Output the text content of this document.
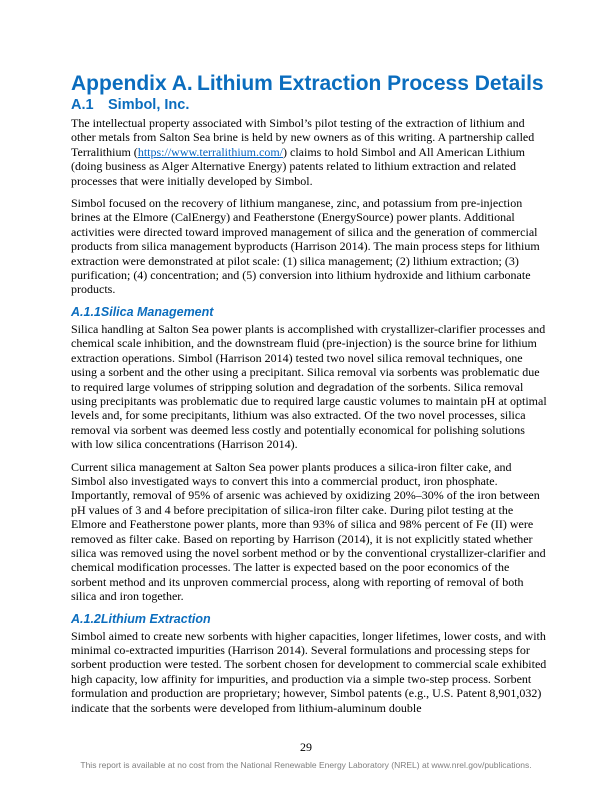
Appendix A. Lithium Extraction Process Details
A.1 Simbol, Inc.

The intellectual property associated with Simbol’s pilot testing of the extraction of lithium and other metals from Salton Sea brine is held by new owners as of this writing. A partnership called Terralithium (https://www.terralithium.com/) claims to hold Simbol and All American Lithium (doing business as Alger Alternative Energy) patents related to lithium extraction and related processes that were initially developed by Simbol.

Simbol focused on the recovery of lithium manganese, zinc, and potassium from pre-injection brines at the Elmore (CalEnergy) and Featherstone (EnergySource) power plants. Additional activities were directed toward improved management of silica and the generation of commercial products from silica management byproducts (Harrison 2014). The main process steps for lithium extraction were demonstrated at pilot scale: (1) silica management; (2) lithium extraction; (3) purification; (4) concentration; and (5) conversion into lithium hydroxide and lithium carbonate products.

A.1.1Silica Management

Silica handling at Salton Sea power plants is accomplished with crystallizer-clarifier processes and chemical scale inhibition, and the downstream fluid (pre-injection) is the source brine for lithium extraction operations. Simbol (Harrison 2014) tested two novel silica removal techniques, one using a sorbent and the other using a precipitant. Silica removal via sorbents was problematic due to required large volumes of stripping solution and degradation of the sorbents. Silica removal using precipitants was problematic due to required large caustic volumes to maintain pH at optimal levels and, for some precipitants, lithium was also extracted. Of the two novel processes, silica removal via sorbent was deemed less costly and potentially economical for polishing solutions with low silica concentrations (Harrison 2014).

Current silica management at Salton Sea power plants produces a silica-iron filter cake, and Simbol also investigated ways to convert this into a commercial product, iron phosphate. Importantly, removal of 95% of arsenic was achieved by oxidizing 20%–30% of the iron between pH values of 3 and 4 before precipitation of silica-iron filter cake. During pilot testing at the Elmore and Featherstone power plants, more than 93% of silica and 98% percent of Fe (II) were removed as filter cake. Based on reporting by Harrison (2014), it is not explicitly stated whether silica was removed using the novel sorbent method or by the conventional crystallizer-clarifier and chemical modification processes. The latter is expected based on the poor economics of the sorbent method and its unproven commercial process, along with reporting of removal of both silica and iron together.

A.1.2Lithium Extraction

Simbol aimed to create new sorbents with higher capacities, longer lifetimes, lower costs, and with minimal co-extracted impurities (Harrison 2014). Several formulations and processing steps for sorbent production were tested. The sorbent chosen for development to commercial scale exhibited high capacity, low affinity for impurities, and production via a simple two-step process. Sorbent formulation and production are proprietary; however, Simbol patents (e.g., U.S. Patent 8,901,032) indicate that the sorbents were developed from lithium-aluminum double

29
This report is available at no cost from the National Renewable Energy Laboratory (NREL) at www.nrel.gov/publications.
